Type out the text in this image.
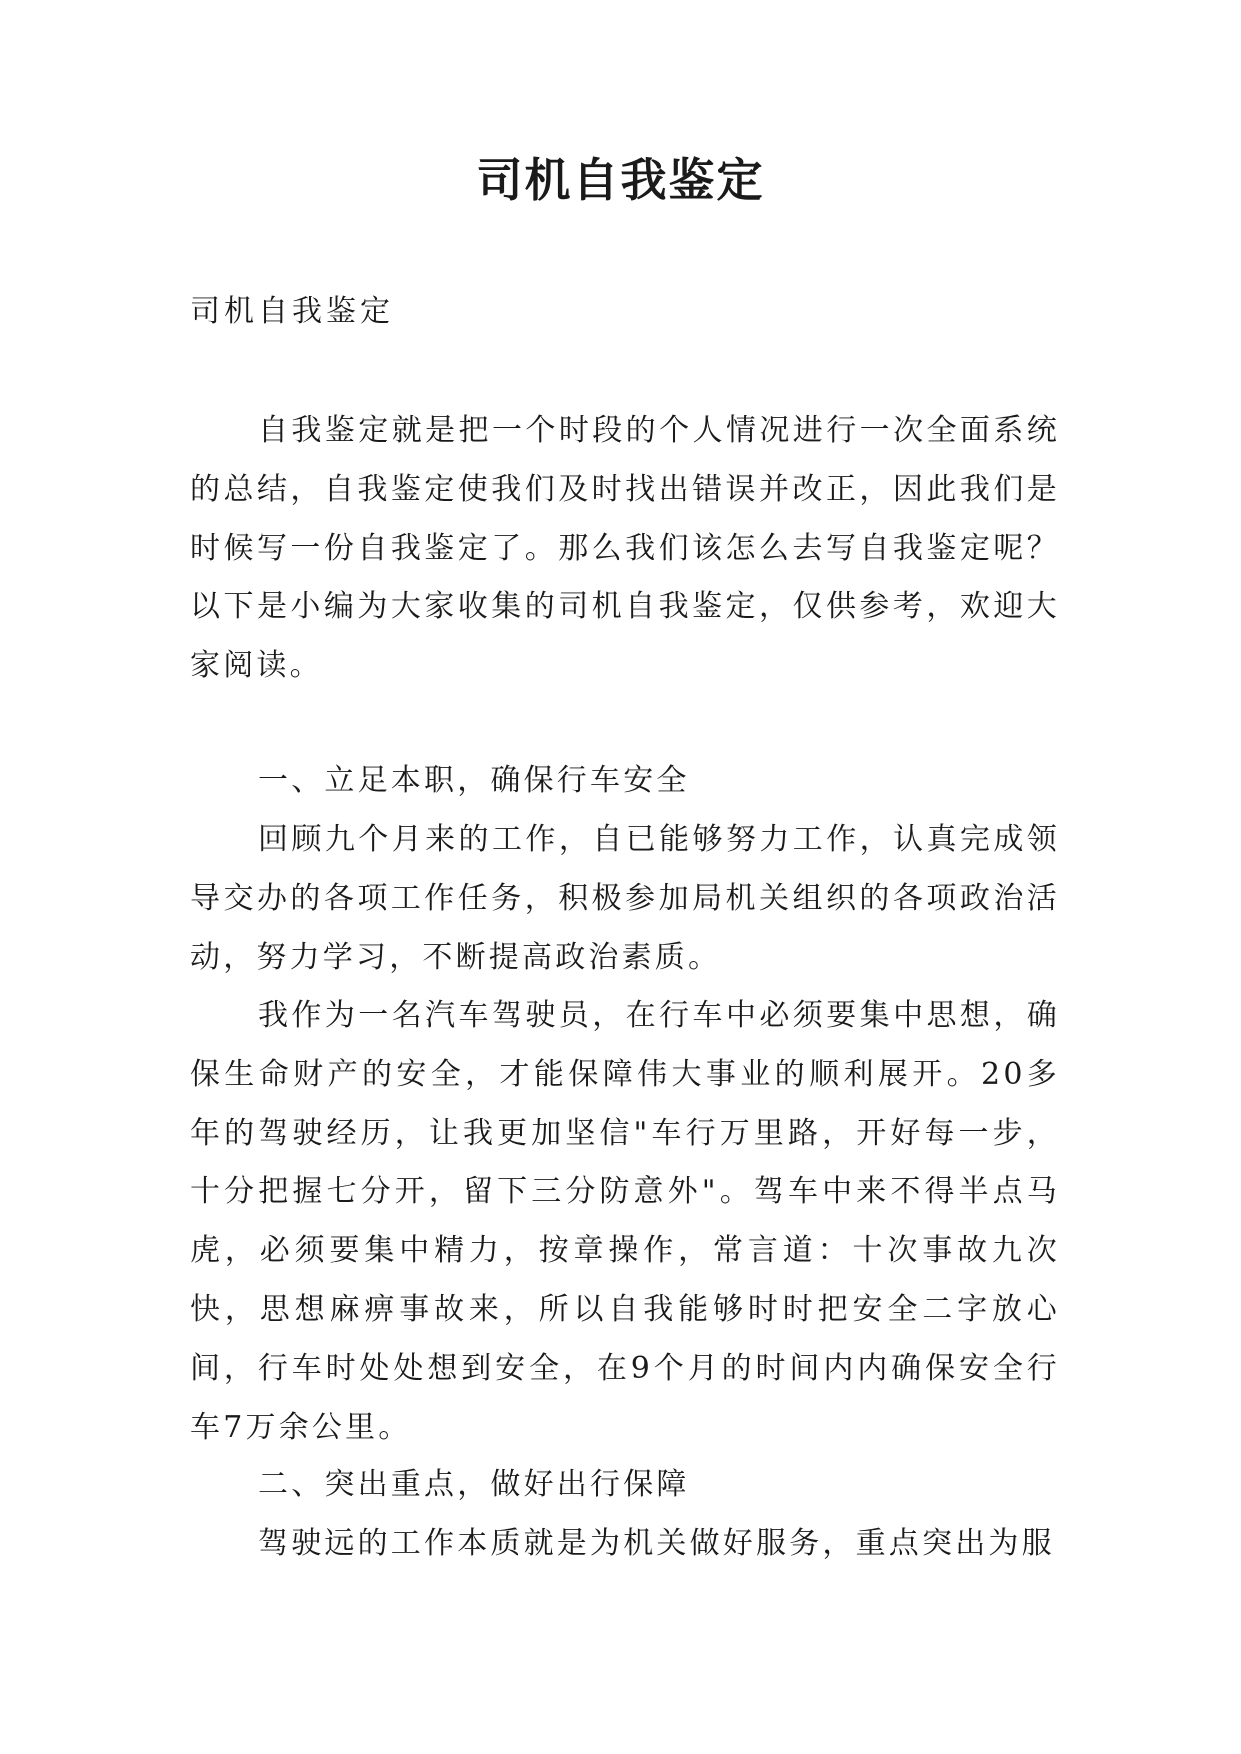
司机自我鉴定

司机自我鉴定

自我鉴定就是把一个时段的个人情况进行一次全面系统的总结，自我鉴定使我们及时找出错误并改正，因此我们是时候写一份自我鉴定了。那么我们该怎么去写自我鉴定呢？以下是小编为大家收集的司机自我鉴定，仅供参考，欢迎大家阅读。

一、立足本职，确保行车安全

回顾九个月来的工作，自已能够努力工作，认真完成领导交办的各项工作任务，积极参加局机关组织的各项政治活动，努力学习，不断提高政治素质。

我作为一名汽车驾驶员，在行车中必须要集中思想，确保生命财产的安全，才能保障伟大事业的顺利展开。20多年的驾驶经历，让我更加坚信"车行万里路，开好每一步，十分把握七分开，留下三分防意外"。驾车中来不得半点马虎，必须要集中精力，按章操作，常言道：十次事故九次快，思想麻痹事故来，所以自我能够时时把安全二字放心间，行车时处处想到安全，在9个月的时间内内确保安全行车7万余公里。

二、突出重点，做好出行保障

驾驶远的工作本质就是为机关做好服务，重点突出为服
